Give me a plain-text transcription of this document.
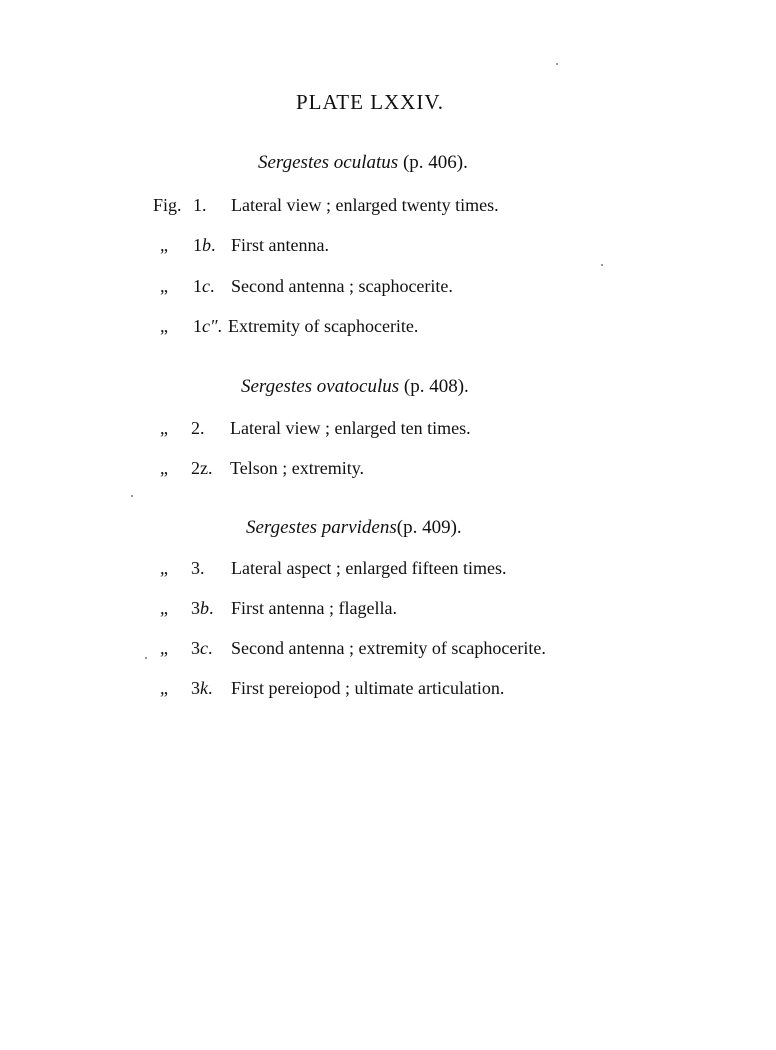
PLATE LXXIV.
Sergestes oculatus (p. 406).
Fig. 1. Lateral view ; enlarged twenty times.
„ 1b. First antenna.
„ 1c. Second antenna ; scaphocerite.
„ 1c″. Extremity of scaphocerite.
Sergestes ovatoculus (p. 408).
„ 2. Lateral view ; enlarged ten times.
„ 2z. Telson ; extremity.
Sergestes parvidens(p. 409).
„ 3. Lateral aspect ; enlarged fifteen times.
„ 3b. First antenna ; flagella.
„ 3c. Second antenna ; extremity of scaphocerite.
„ 3k. First pereiopod ; ultimate articulation.
